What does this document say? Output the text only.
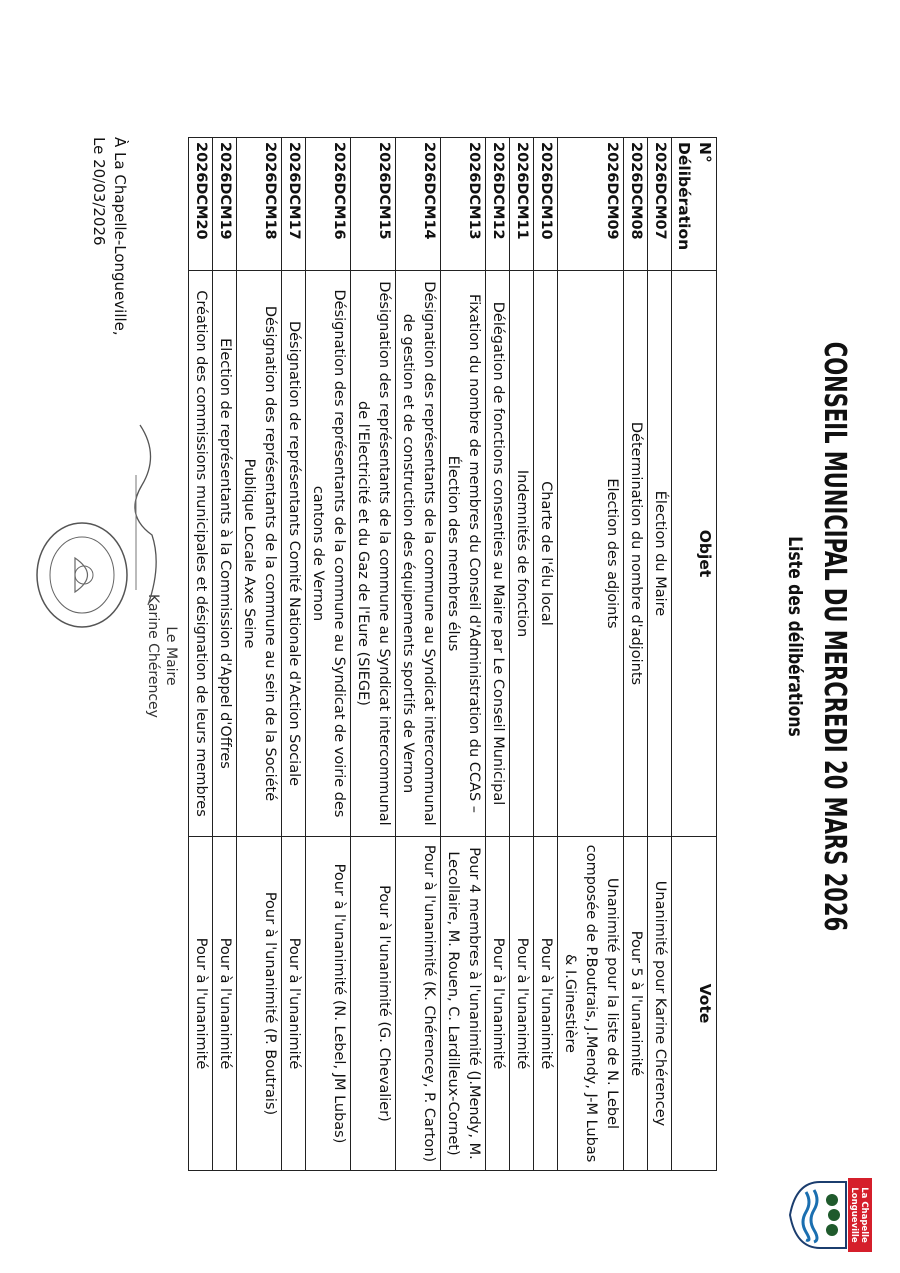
La Chapelle
Longueville
CONSEIL MUNICIPAL DU MERCREDI 20 MARS 2026
Liste des délibérations
N° Délibération	Objet	Vote
2026DCM07	Élection du Maire	Unanimité pour Karine Chérencey
2026DCM08	Détermination du nombre d'adjoints	Pour 5 à l'unanimité
2026DCM09	Election des adjoints	Unanimité pour la liste de N. Lebel composée de P.Boutrais, J.Mendy, J-M Lubas & I.Ginestière
2026DCM10	Charte de l'élu local	Pour à l'unanimité
2026DCM11	Indemnités de fonction	Pour à l'unanimité
2026DCM12	Délégation de fonctions consenties au Maire par Le Conseil Municipal	Pour à l'unanimité
2026DCM13	Fixation du nombre de membres du Conseil d'Administration du CCAS – Élection des membres élus	Pour 4 membres à l'unanimité (J.Mendy, M. Lecollaire, M. Rouen, C. Lardilleux-Cornet)
2026DCM14	Désignation des représentants de la commune au Syndicat intercommunal de gestion et de construction des équipements sportifs de Vernon	Pour à l'unanimité (K. Chérencey, P. Carton)
2026DCM15	Désignation des représentants de la commune au Syndicat intercommunal de l'Electricité et du Gaz de l'Eure (SIEGE)	Pour à l'unanimité (G. Chevalier)
2026DCM16	Désignation des représentants de la commune au Syndicat de voirie des cantons de Vernon	Pour à l'unanimité (N. Lebel, JM Lubas)
2026DCM17	Désignation de représentants Comité Nationale d'Action Sociale	Pour à l'unanimité
2026DCM18	Désignation des représentants de la commune au sein de la Société Publique Locale Axe Seine	Pour à l'unanimité (P. Boutrais)
2026DCM19	Election de représentants à la Commission d'Appel d'Offres	Pour à l'unanimité
2026DCM20	Création des commissions municipales et désignation de leurs membres	Pour à l'unanimité
À La Chapelle-Longueville,
Le 20/03/2026
Le Maire
Karine Chérencey
